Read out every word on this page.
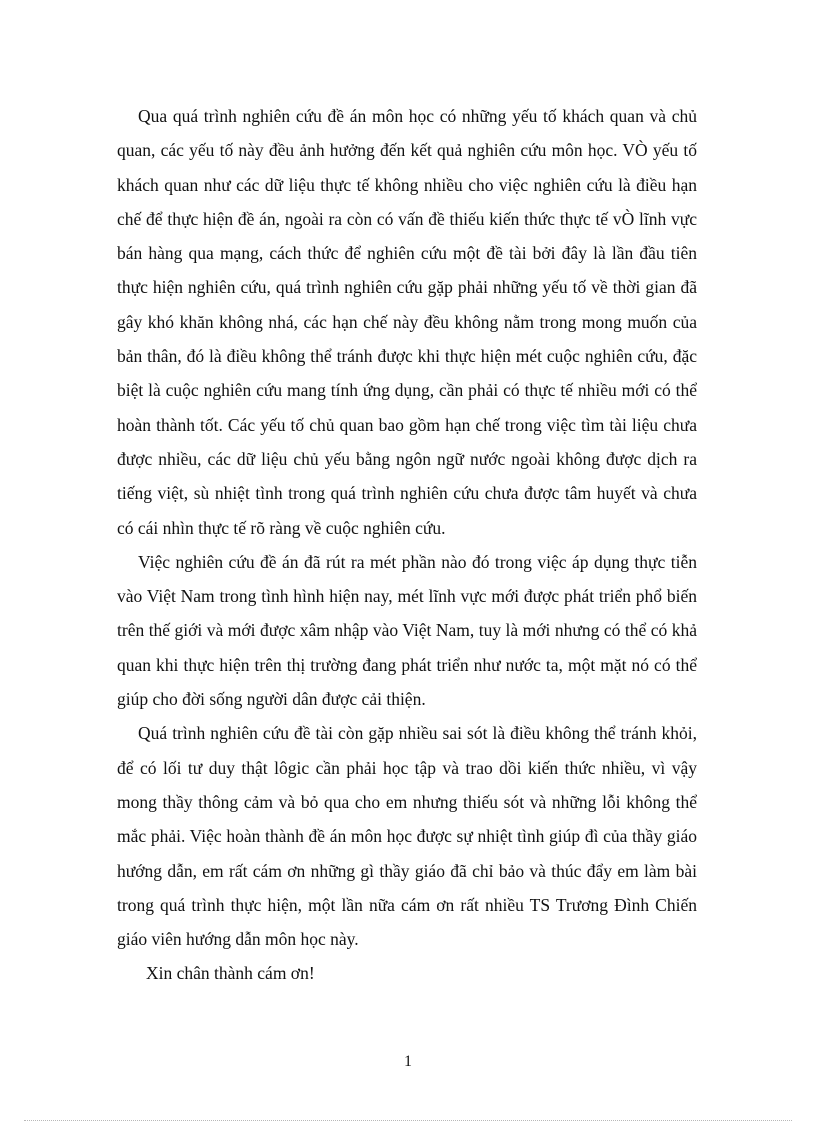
Qua quá trình nghiên cứu đề án môn học có những yếu tố khách quan và chủ quan, các yếu tố này đều ảnh hưởng đến kết quả nghiên cứu môn học. VÒ yếu tố khách quan như các dữ liệu thực tế không nhiều cho việc nghiên cứu là điều hạn chế để thực hiện đề án, ngoài ra còn có vấn đề thiếu kiến thức thực tế vÒ lĩnh vực bán hàng qua mạng, cách thức để nghiên cứu một đề tài bởi đây là lần đầu tiên thực hiện nghiên cứu, quá trình nghiên cứu gặp phải những yếu tố về thời gian đã gây khó khăn không nhá, các hạn chế này đều không nằm trong mong muốn của bản thân, đó là điều không thể tránh được khi thực hiện mét cuộc nghiên cứu, đặc biệt là cuộc nghiên cứu mang tính ứng dụng, cần phải có thực tế nhiều mới có thể hoàn thành tốt. Các yếu tố chủ quan bao gồm hạn chế trong việc tìm tài liệu chưa được nhiều, các dữ liệu chủ yếu bằng ngôn ngữ nước ngoài không được dịch ra tiếng việt, sù nhiệt tình trong quá trình nghiên cứu chưa được tâm huyết và chưa có cái nhìn thực tế rõ ràng về cuộc nghiên cứu.

Việc nghiên cứu đề án đã rút ra mét phần nào đó trong việc áp dụng thực tiễn vào Việt Nam trong tình hình hiện nay, mét lĩnh vực mới được phát triển phổ biến trên thế giới và mới được xâm nhập vào Việt Nam, tuy là mới nhưng có thể có khả quan khi thực hiện trên thị trường đang phát triển như nước ta, một mặt nó có thể giúp cho đời sống người dân được cải thiện.

Quá trình nghiên cứu đề tài còn gặp nhiều sai sót là điều không thể tránh khỏi, để có lối tư duy thật lôgic cần phải học tập và trao dồi kiến thức nhiều, vì vậy mong thầy thông cảm và bỏ qua cho em nhưng thiếu sót và những lỗi không thể mắc phải. Việc hoàn thành đề án môn học được sự nhiệt tình giúp đì của thầy giáo hướng dẫn, em rất cám ơn những gì thầy giáo đã chỉ bảo và thúc đẩy em làm bài trong quá trình thực hiện, một lần nữa cám ơn rất nhiều TS Trương Đình Chiến giáo viên hướng dẫn môn học này.

Xin chân thành cám ơn!

1
